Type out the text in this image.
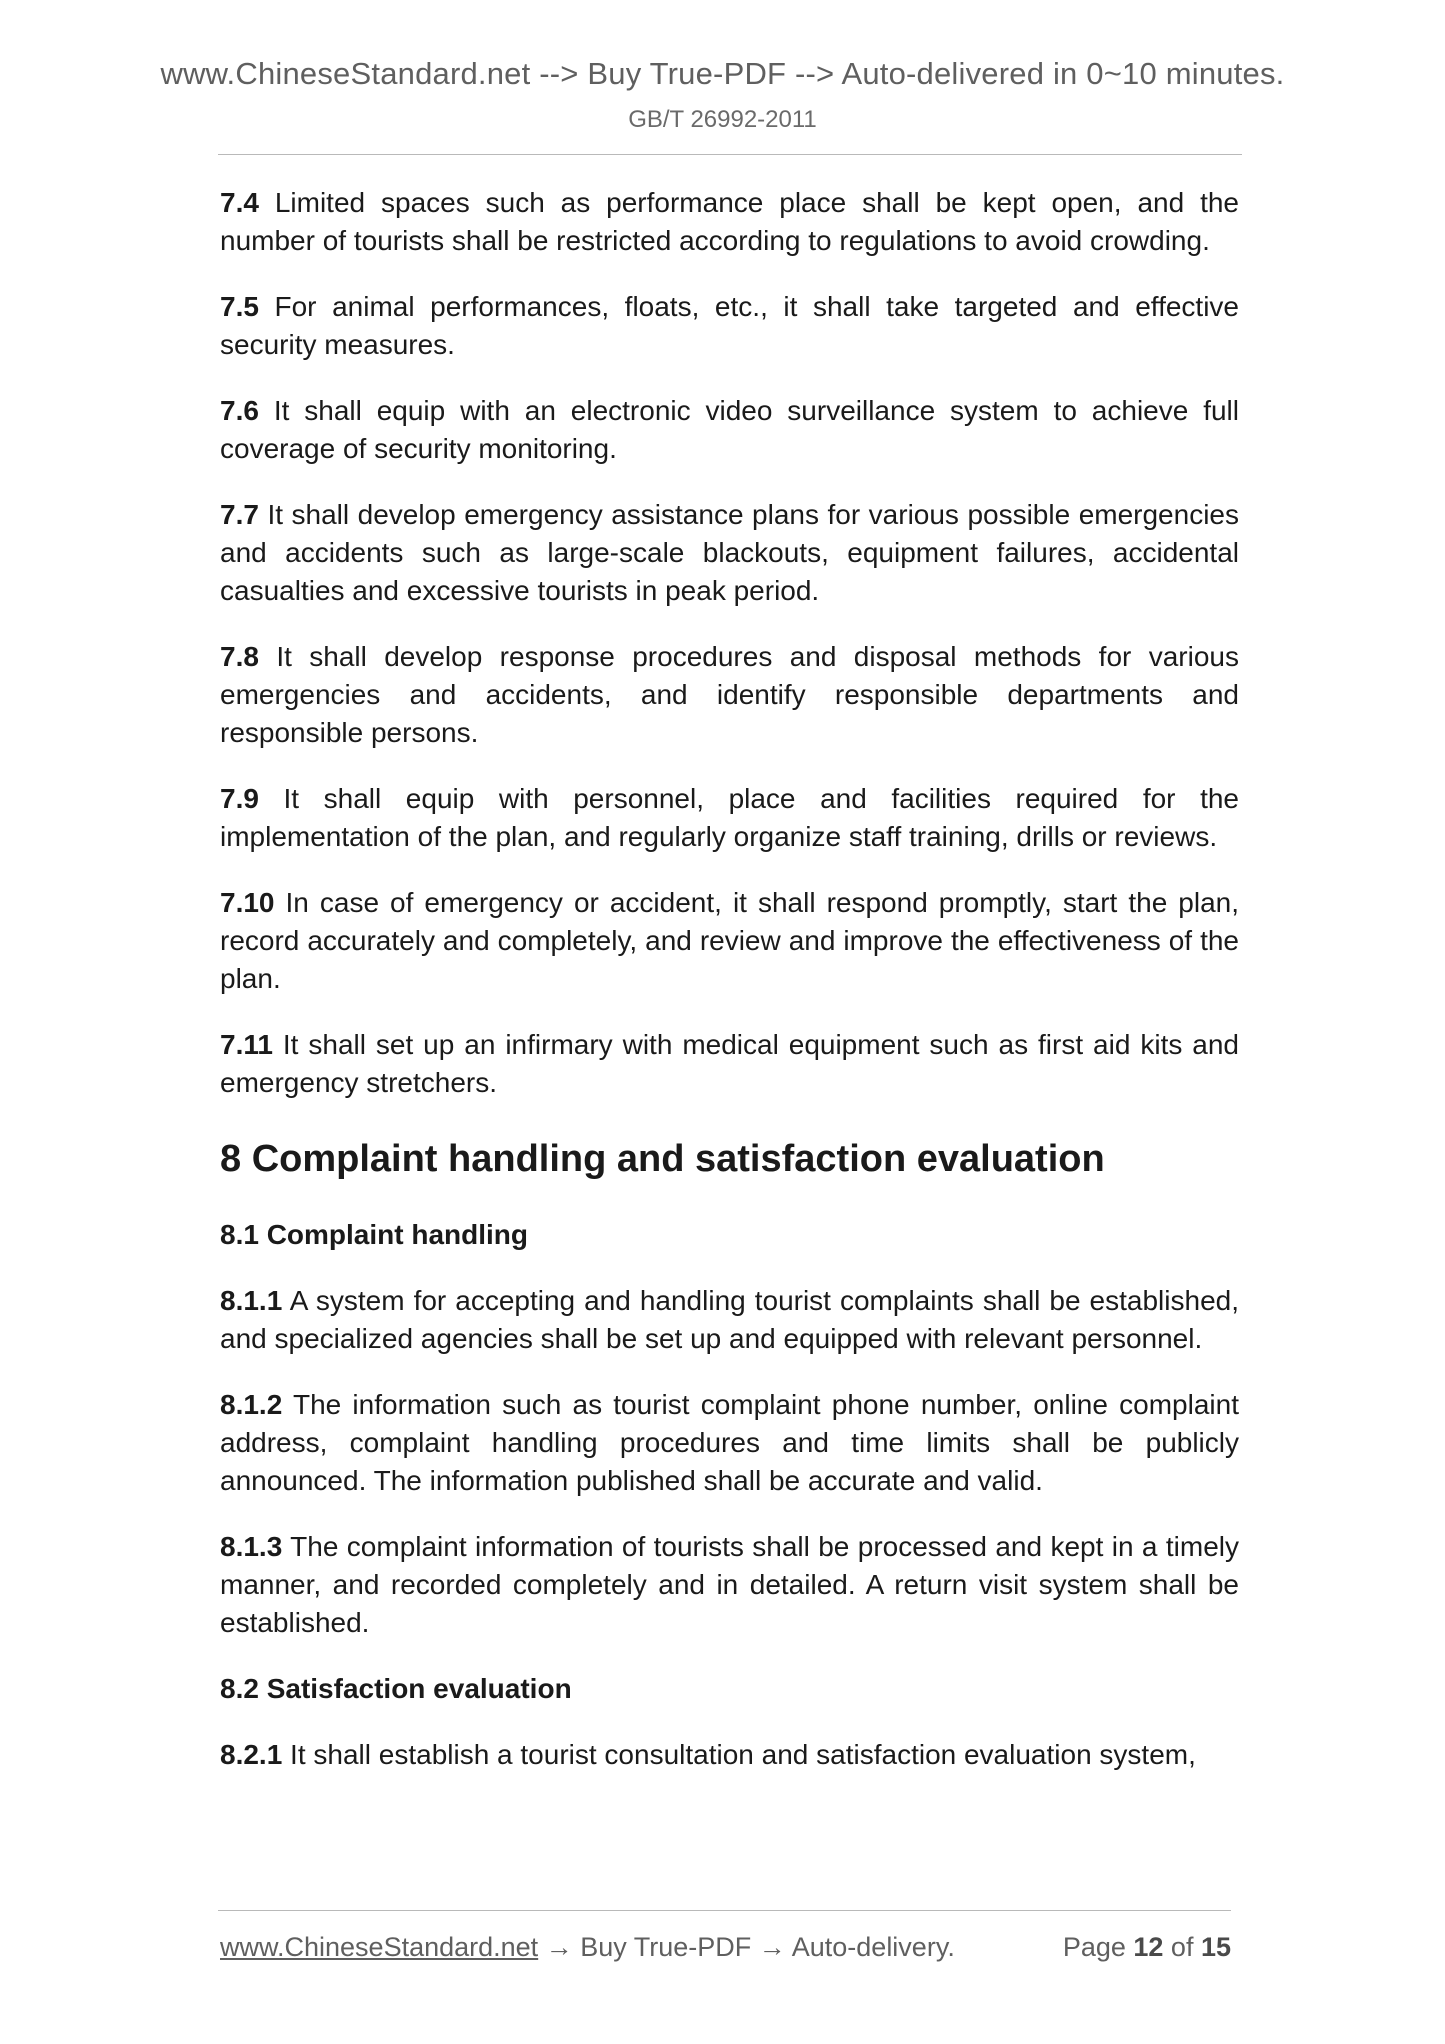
www.ChineseStandard.net --> Buy True-PDF --> Auto-delivered in 0~10 minutes.
GB/T 26992-2011

7.4 Limited spaces such as performance place shall be kept open, and the number of tourists shall be restricted according to regulations to avoid crowding.

7.5 For animal performances, floats, etc., it shall take targeted and effective security measures.

7.6 It shall equip with an electronic video surveillance system to achieve full coverage of security monitoring.

7.7 It shall develop emergency assistance plans for various possible emergencies and accidents such as large-scale blackouts, equipment failures, accidental casualties and excessive tourists in peak period.

7.8 It shall develop response procedures and disposal methods for various emergencies and accidents, and identify responsible departments and responsible persons.

7.9 It shall equip with personnel, place and facilities required for the implementation of the plan, and regularly organize staff training, drills or reviews.

7.10 In case of emergency or accident, it shall respond promptly, start the plan, record accurately and completely, and review and improve the effectiveness of the plan.

7.11 It shall set up an infirmary with medical equipment such as first aid kits and emergency stretchers.

8 Complaint handling and satisfaction evaluation
8.1 Complaint handling

8.1.1 A system for accepting and handling tourist complaints shall be established, and specialized agencies shall be set up and equipped with relevant personnel.

8.1.2 The information such as tourist complaint phone number, online complaint address, complaint handling procedures and time limits shall be publicly announced. The information published shall be accurate and valid.

8.1.3 The complaint information of tourists shall be processed and kept in a timely manner, and recorded completely and in detailed. A return visit system shall be established.

8.2 Satisfaction evaluation

8.2.1 It shall establish a tourist consultation and satisfaction evaluation system,

www.ChineseStandard.net → Buy True-PDF → Auto-delivery.	Page 12 of 15
